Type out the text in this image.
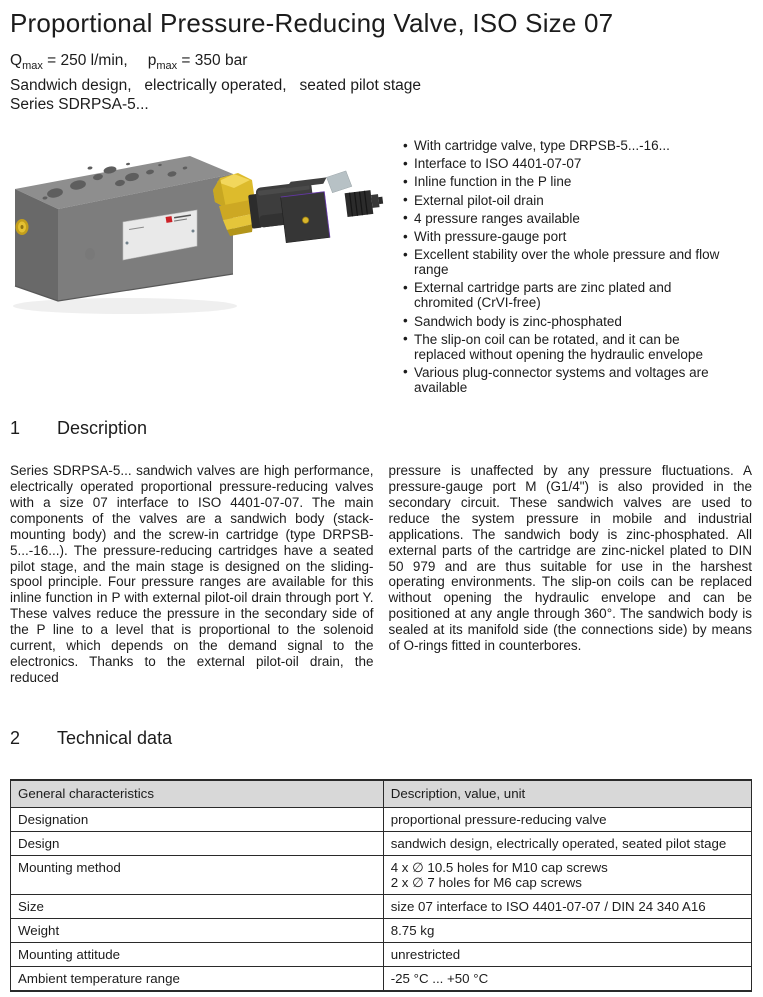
Proportional Pressure-Reducing Valve, ISO Size 07
$Q_{max} = 250$ l/min, $p_{max} = 350$ bar
Sandwich design,   electrically operated,   seated pilot stage
Series SDRPSA-5...
• With cartridge valve, type DRPSB-5...-16...
• Interface to ISO 4401-07-07
• Inline function in the P line
• External pilot-oil drain
• 4 pressure ranges available
• With pressure-gauge port
• Excellent stability over the whole pressure and flow range
• External cartridge parts are zinc plated and chromited (CrVI-free)
• Sandwich body is zinc-phosphated
• The slip-on coil can be rotated, and it can be replaced without opening the hydraulic envelope
• Various plug-connector systems and voltages are available
1	Description
Series SDRPSA-5... sandwich valves are high performance, electrically operated proportional pressure-reducing valves with a size 07 interface to ISO 4401-07-07. The main components of the valves are a sandwich body (stack-mounting body) and the screw-in cartridge (type DRPSB-5...-16...). The pressure-reducing cartridges have a seated pilot stage, and the main stage is designed on the sliding-spool principle. Four pressure ranges are available for this inline function in P with external pilot-oil drain through port Y. These valves reduce the pressure in the secondary side of the P line to a level that is proportional to the solenoid current, which depends on the demand signal to the electronics. Thanks to the external pilot-oil drain, the reduced
pressure is unaffected by any pressure fluctuations. A pressure-gauge port M (G1/4") is also provided in the secondary circuit. These sandwich valves are used to reduce the system pressure in mobile and industrial applications. The sandwich body is zinc-phosphated. All external parts of the cartridge are zinc-nickel plated to DIN 50 979 and are thus suitable for use in the harshest operating environments. The slip-on coils can be replaced without opening the hydraulic envelope and can be positioned at any angle through 360°. The sandwich body is sealed at its manifold side (the connections side) by means of O-rings fitted in counterbores.
2	Technical data
General characteristics	Description, value, unit
Designation	proportional pressure-reducing valve
Design	sandwich design, electrically operated, seated pilot stage
Mounting method	4 x ∅ 10.5 holes for M10 cap screws
2 x ∅ 7 holes for M6 cap screws
Size	size 07 interface to ISO 4401-07-07 / DIN 24 340 A16
Weight	8.75 kg
Mounting attitude	unrestricted
Ambient temperature range	-25 °C ... +50 °C
